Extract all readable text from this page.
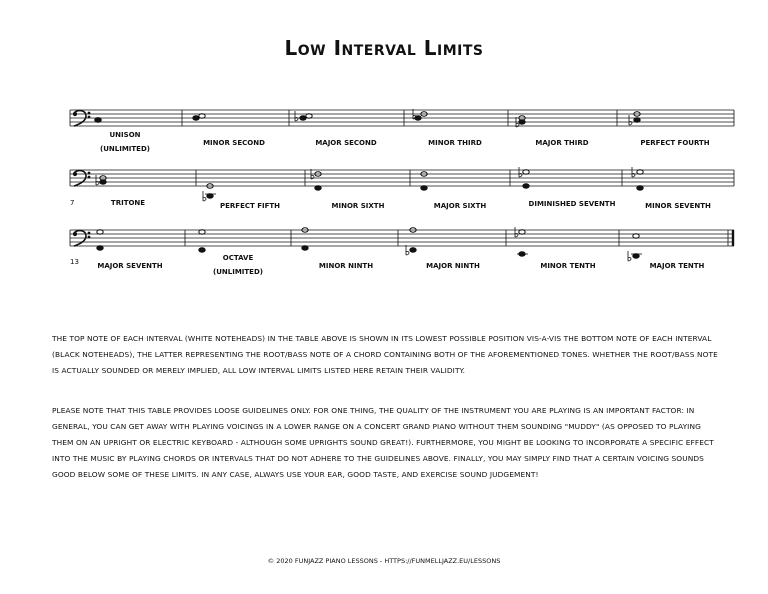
Low Interval Limits
7
13
UNISON
(UNLIMITED)
MINOR SECOND	MAJOR SECOND	MINOR THIRD	MAJOR THIRD	PERFECT FOURTH
TRITONE	PERFECT FIFTH	MINOR SIXTH	MAJOR SIXTH	DIMINISHED SEVENTH	MINOR SEVENTH
MAJOR SEVENTH
OCTAVE
(UNLIMITED)
MINOR NINTH	MAJOR NINTH	MINOR TENTH	MAJOR TENTH

THE TOP NOTE OF EACH INTERVAL (WHITE NOTEHEADS) IN THE TABLE ABOVE IS SHOWN IN ITS LOWEST POSSIBLE POSITION VIS-A-VIS THE BOTTOM NOTE OF EACH INTERVAL (BLACK NOTEHEADS), THE LATTER REPRESENTING THE ROOT/BASS NOTE OF A CHORD CONTAINING BOTH OF THE AFOREMENTIONED TONES. WHETHER THE ROOT/BASS NOTE IS ACTUALLY SOUNDED OR MERELY IMPLIED, ALL LOW INTERVAL LIMITS LISTED HERE RETAIN THEIR VALIDITY.

PLEASE NOTE THAT THIS TABLE PROVIDES LOOSE GUIDELINES ONLY. FOR ONE THING, THE QUALITY OF THE INSTRUMENT YOU ARE PLAYING IS AN IMPORTANT FACTOR: IN GENERAL, YOU CAN GET AWAY WITH PLAYING VOICINGS IN A LOWER RANGE ON A CONCERT GRAND PIANO WITHOUT THEM SOUNDING "MUDDY" (AS OPPOSED TO PLAYING THEM ON AN UPRIGHT OR ELECTRIC KEYBOARD - ALTHOUGH SOME UPRIGHTS SOUND GREAT!). FURTHERMORE, YOU MIGHT BE LOOKING TO INCORPORATE A SPECIFIC EFFECT INTO THE MUSIC BY PLAYING CHORDS OR INTERVALS THAT DO NOT ADHERE TO THE GUIDELINES ABOVE. FINALLY, YOU MAY SIMPLY FIND THAT A CERTAIN VOICING SOUNDS GOOD BELOW SOME OF THESE LIMITS. IN ANY CASE, ALWAYS USE YOUR EAR, GOOD TASTE, AND EXERCISE SOUND JUDGEMENT!

© 2020 FUNJAZZ PIANO LESSONS - HTTPS://FUNMELLJAZZ.EU/LESSONS
